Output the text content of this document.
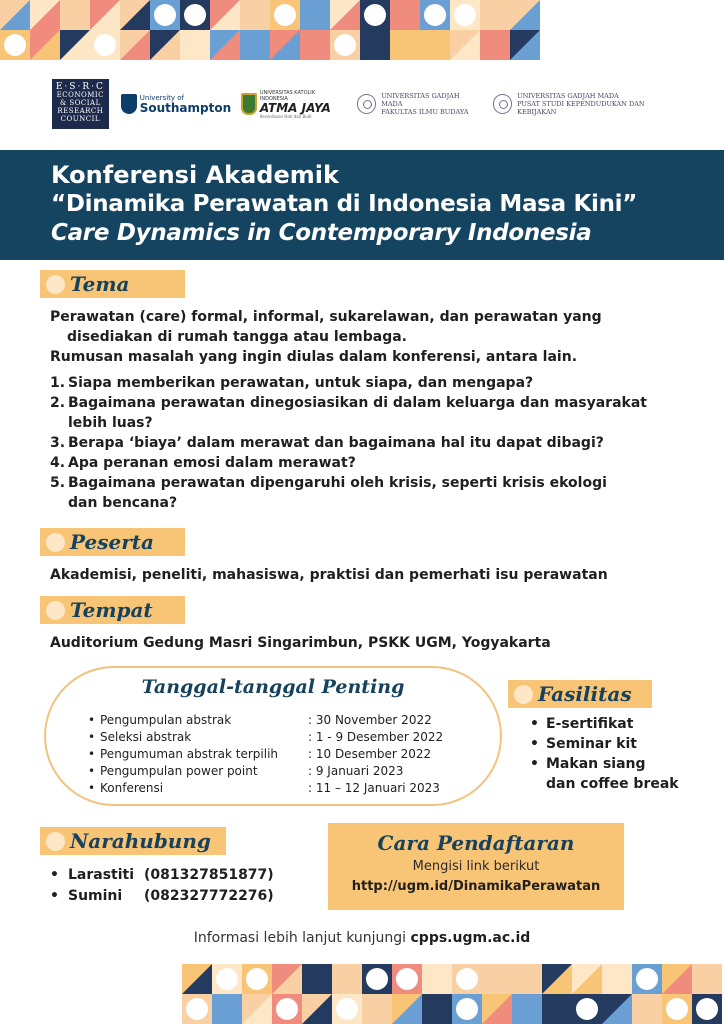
E·S·R·C
ECONOMIC
& SOCIAL
RESEARCH
COUNCIL
University of
Southampton
UNIVERSITAS KATOLIK INDONESIA
ATMA JAYA
Kecerdasan Hati dan Budi
UNIVERSITAS GADJAH MADA
FAKULTAS ILMU BUDAYA
UNIVERSITAS GADJAH MADA
PUSAT STUDI KEPENDUDUKAN DAN KEBIJAKAN
Konferensi Akademik
“Dinamika Perawatan di Indonesia Masa Kini”
Care Dynamics in Contemporary Indonesia
Tema
Perawatan (care) formal, informal, sukarelawan, dan perawatan yang
disediakan di rumah tangga atau lembaga.
Rumusan masalah yang ingin diulas dalam konferensi, antara lain.
1. Siapa memberikan perawatan, untuk siapa, dan mengapa?
2. Bagaimana perawatan dinegosiasikan di dalam keluarga dan masyarakat
lebih luas?
3. Berapa ‘biaya’ dalam merawat dan bagaimana hal itu dapat dibagi?
4. Apa peranan emosi dalam merawat?
5. Bagaimana perawatan dipengaruhi oleh krisis, seperti krisis ekologi
dan bencana?
Peserta
Akademisi, peneliti, mahasiswa, praktisi dan pemerhati isu perawatan
Tempat
Auditorium Gedung Masri Singarimbun, PSKK UGM, Yogyakarta
Tanggal-tanggal Penting
• Pengumpulan abstrak	: 30 November 2022
• Seleksi abstrak	: 1 - 9 Desember 2022
• Pengumuman abstrak terpilih	: 10 Desember 2022
• Pengumpulan power point	: 9 Januari 2023
• Konferensi	: 11 – 12 Januari 2023
Fasilitas
• E-sertifikat
• Seminar kit
• Makan siang
dan coffee break
Narahubung
• Larastiti (081327851877)
• Sumini	(082327772276)
Cara Pendaftaran
Mengisi link berikut
http://ugm.id/DinamikaPerawatan
Informasi lebih lanjut kunjungi cpps.ugm.ac.id
